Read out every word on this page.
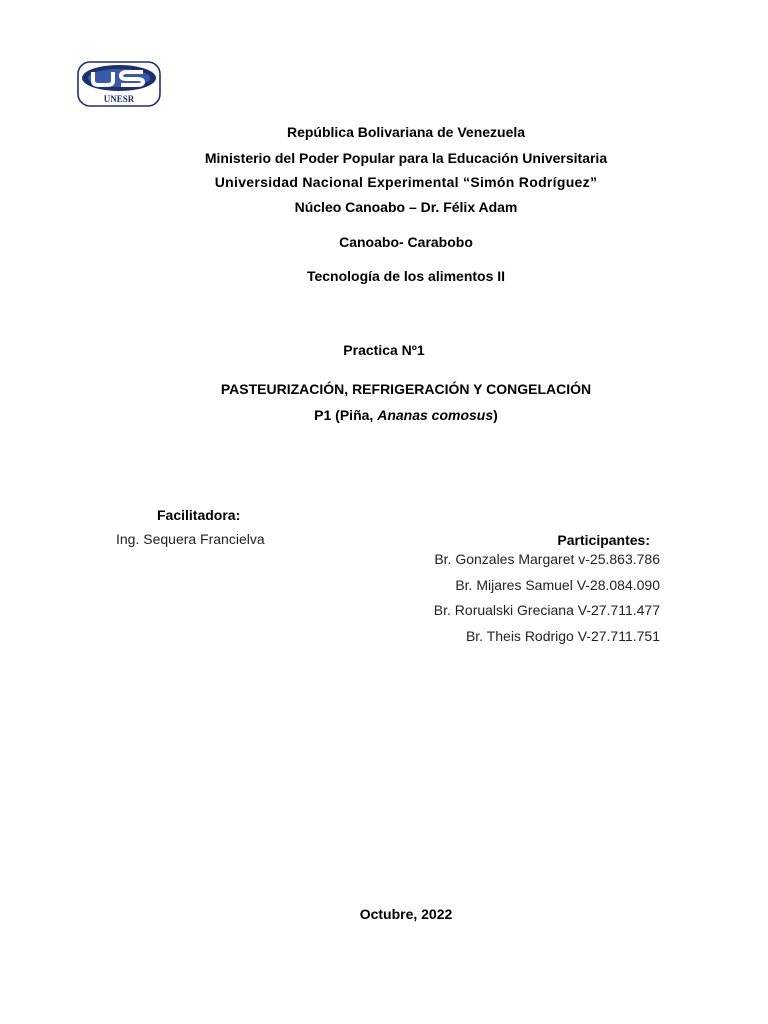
UNESR
República Bolivariana de Venezuela
Ministerio del Poder Popular para la Educación Universitaria
Universidad Nacional Experimental “Simón Rodríguez”
Núcleo Canoabo – Dr. Félix Adam
Canoabo- Carabobo
Tecnología de los alimentos II
Practica Nº1
PASTEURIZACIÓN, REFRIGERACIÓN Y CONGELACIÓN
P1 (Piña, Ananas comosus)
Facilitadora:
Ing. Sequera Francielva	Participantes:
Br. Gonzales Margaret v-25.863.786
Br. Mijares Samuel V-28.084.090
Br. Rorualski Greciana V-27.711.477
Br. Theis Rodrigo V-27.711.751
Octubre, 2022
